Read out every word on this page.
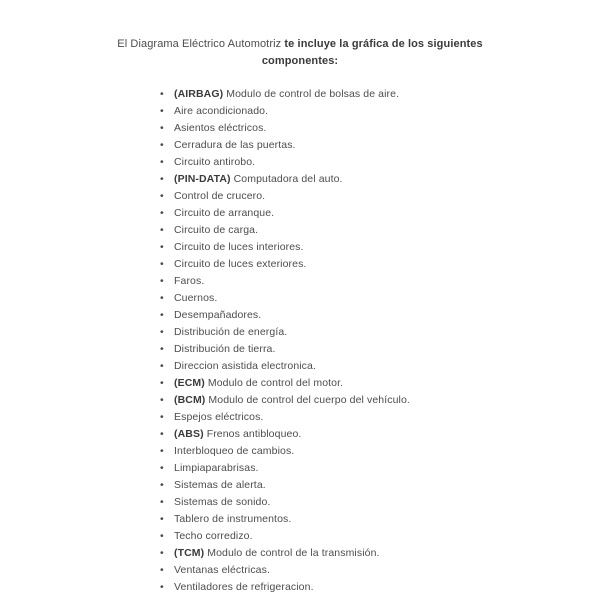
El Diagrama Eléctrico Automotriz te incluye la gráfica de los siguientes
componentes:
• (AIRBAG) Modulo de control de bolsas de aire.
• Aire acondicionado.
• Asientos eléctricos.
• Cerradura de las puertas.
• Circuito antirobo.
• (PIN-DATA) Computadora del auto.
• Control de crucero.
• Circuito de arranque.
• Circuito de carga.
• Circuito de luces interiores.
• Circuito de luces exteriores.
• Faros.
• Cuernos.
• Desempañadores.
• Distribución de energía.
• Distribución de tierra.
• Direccion asistida electronica.
• (ECM) Modulo de control del motor.
• (BCM) Modulo de control del cuerpo del vehículo.
• Espejos eléctricos.
• (ABS) Frenos antibloqueo.
• Interbloqueo de cambios.
• Limpiaparabrisas.
• Sistemas de alerta.
• Sistemas de sonido.
• Tablero de instrumentos.
• Techo corredizo.
• (TCM) Modulo de control de la transmisión.
• Ventanas eléctricas.
• Ventiladores de refrigeracion.
